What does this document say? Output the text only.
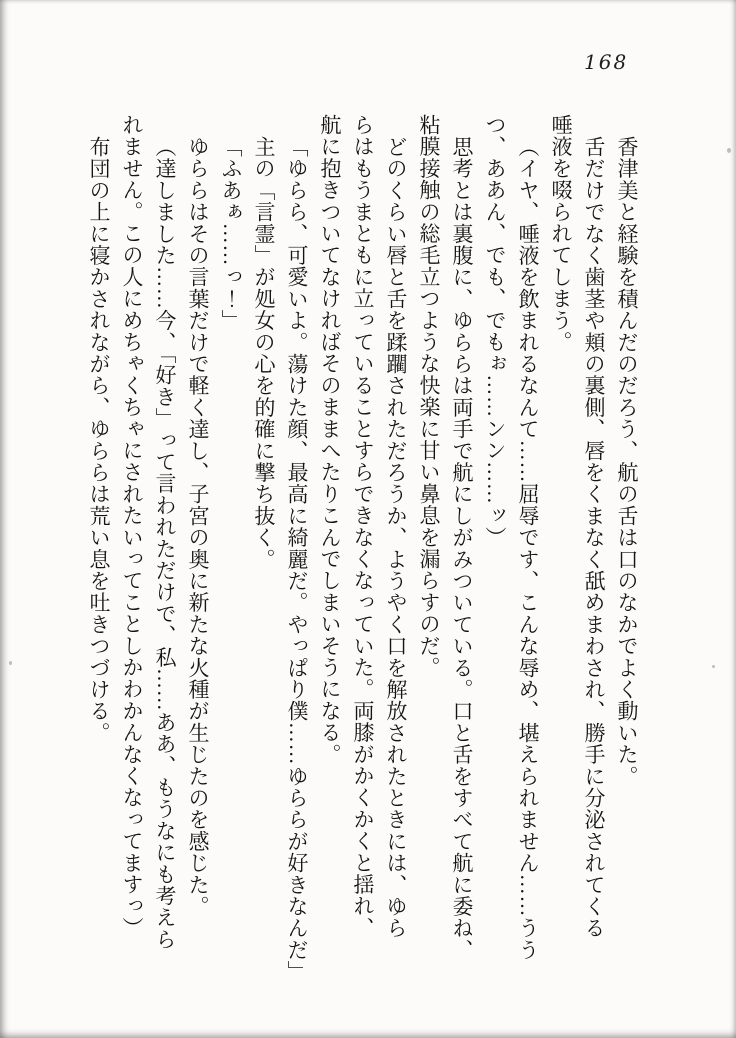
168
香津美と経験を積んだのだろう、航の舌は口のなかでよく動いた。
舌だけでなく歯茎や頬の裏側、唇をくまなく舐めまわされ、勝手に分泌されてくる
唾液を啜られてしまう。
（イヤ、唾液を飲まれるなんて……屈辱です、こんな辱め、堪えられません……うう
つ、ああん、でも、でもぉ……ンン……ッ）
思考とは裏腹に、ゆららは両手で航にしがみついている。口と舌をすべて航に委ね、
粘膜接触の総毛立つような快楽に甘い鼻息を漏らすのだ。
どのくらい唇と舌を蹂躙されただろうか、ようやく口を解放されたときには、ゆら
らはもうまともに立っていることすらできなくなっていた。両膝がかくかくと揺れ、
航に抱きついてなければそのままへたりこんでしまいそうになる。
「ゆらら、可愛いよ。蕩けた顔、最高に綺麗だ。やっぱり僕……ゆららが好きなんだ」
主の「言霊」が処女の心を的確に撃ち抜く。
「ふあぁ……っ！」
ゆららはその言葉だけで軽く達し、子宮の奥に新たな火種が生じたのを感じた。
（達しました……今、「好き」って言われただけで、私……ああ、もうなにも考えら
れません。この人にめちゃくちゃにされたいってことしかわかんなくなってますっ）
布団の上に寝かされながら、ゆららは荒い息を吐きつづける。
